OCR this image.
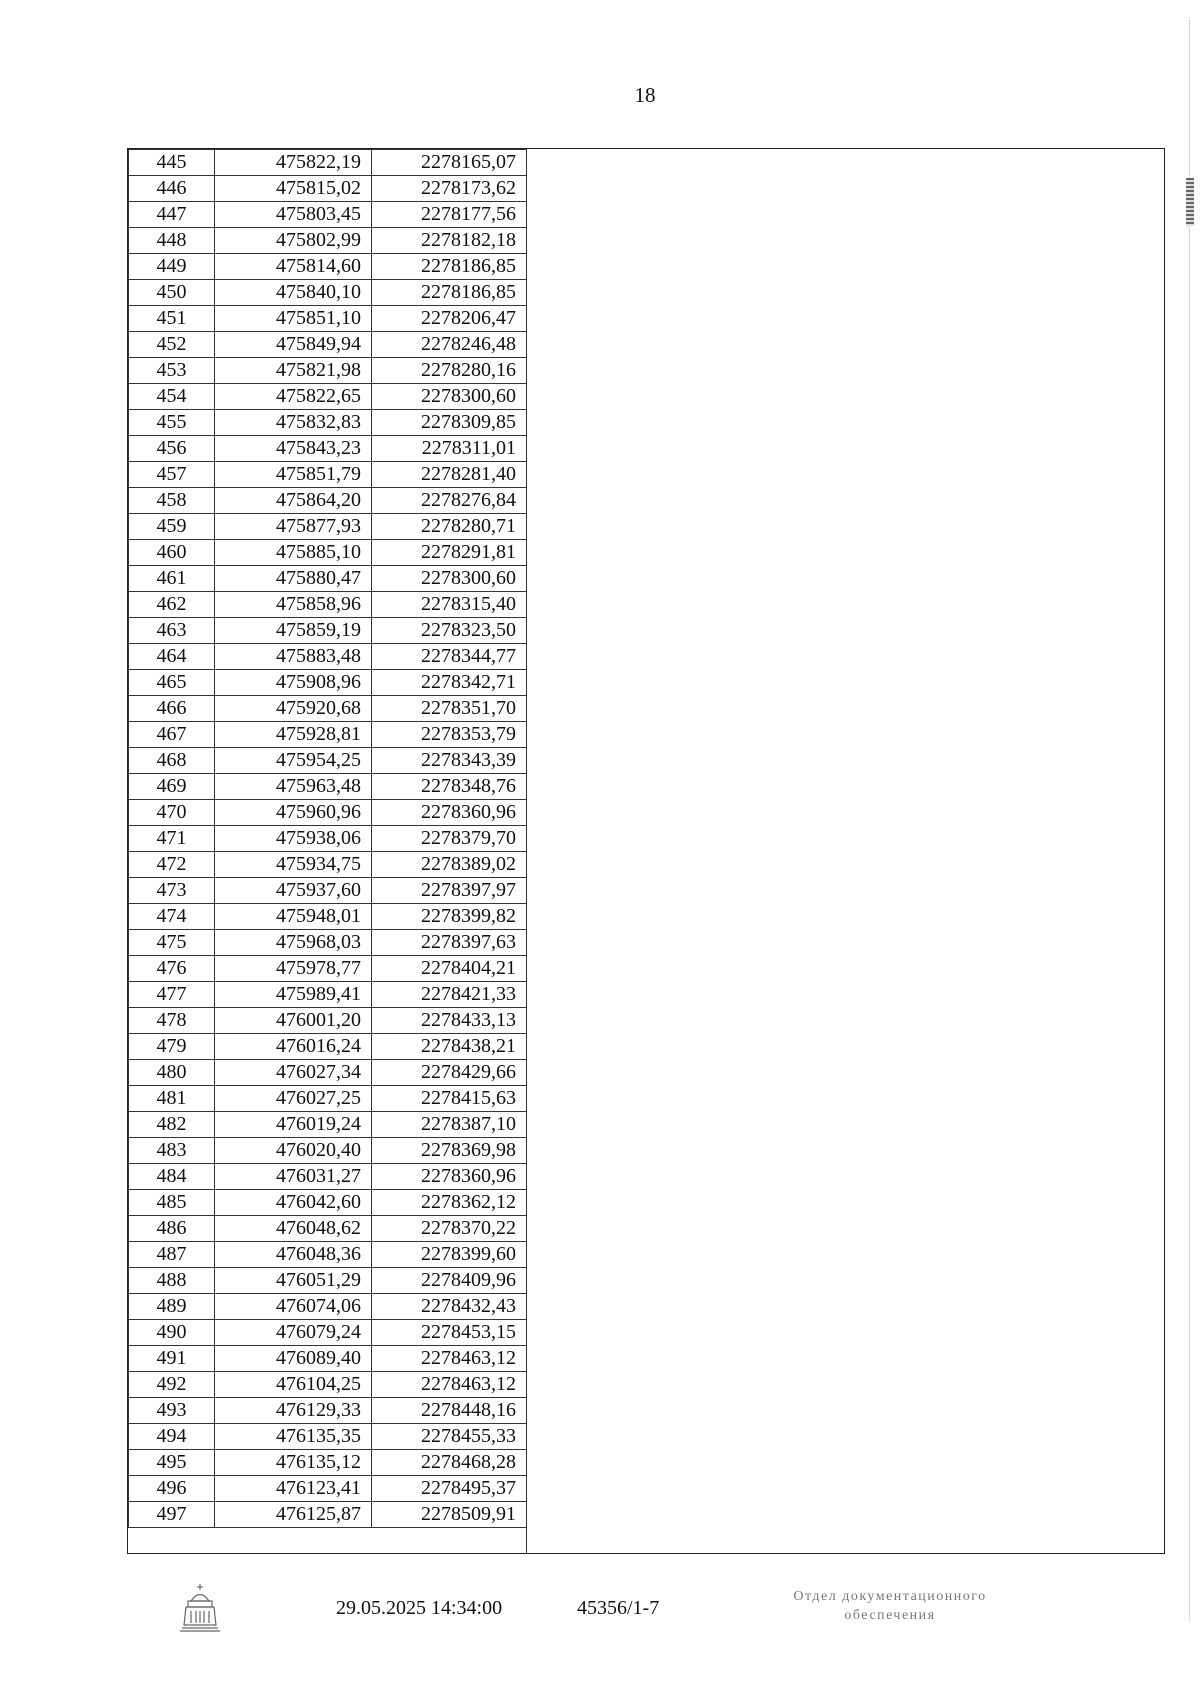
18
445	475822,19	2278165,07
446	475815,02	2278173,62
447	475803,45	2278177,56
448	475802,99	2278182,18
449	475814,60	2278186,85
450	475840,10	2278186,85
451	475851,10	2278206,47
452	475849,94	2278246,48
453	475821,98	2278280,16
454	475822,65	2278300,60
455	475832,83	2278309,85
456	475843,23	2278311,01
457	475851,79	2278281,40
458	475864,20	2278276,84
459	475877,93	2278280,71
460	475885,10	2278291,81
461	475880,47	2278300,60
462	475858,96	2278315,40
463	475859,19	2278323,50
464	475883,48	2278344,77
465	475908,96	2278342,71
466	475920,68	2278351,70
467	475928,81	2278353,79
468	475954,25	2278343,39
469	475963,48	2278348,76
470	475960,96	2278360,96
471	475938,06	2278379,70
472	475934,75	2278389,02
473	475937,60	2278397,97
474	475948,01	2278399,82
475	475968,03	2278397,63
476	475978,77	2278404,21
477	475989,41	2278421,33
478	476001,20	2278433,13
479	476016,24	2278438,21
480	476027,34	2278429,66
481	476027,25	2278415,63
482	476019,24	2278387,10
483	476020,40	2278369,98
484	476031,27	2278360,96
485	476042,60	2278362,12
486	476048,62	2278370,22
487	476048,36	2278399,60
488	476051,29	2278409,96
489	476074,06	2278432,43
490	476079,24	2278453,15
491	476089,40	2278463,12
492	476104,25	2278463,12
493	476129,33	2278448,16
494	476135,35	2278455,33
495	476135,12	2278468,28
496	476123,41	2278495,37
497	476125,87	2278509,91
29.05.2025 14:34:00	45356/1-7
Отдел документационного
обеспечения
